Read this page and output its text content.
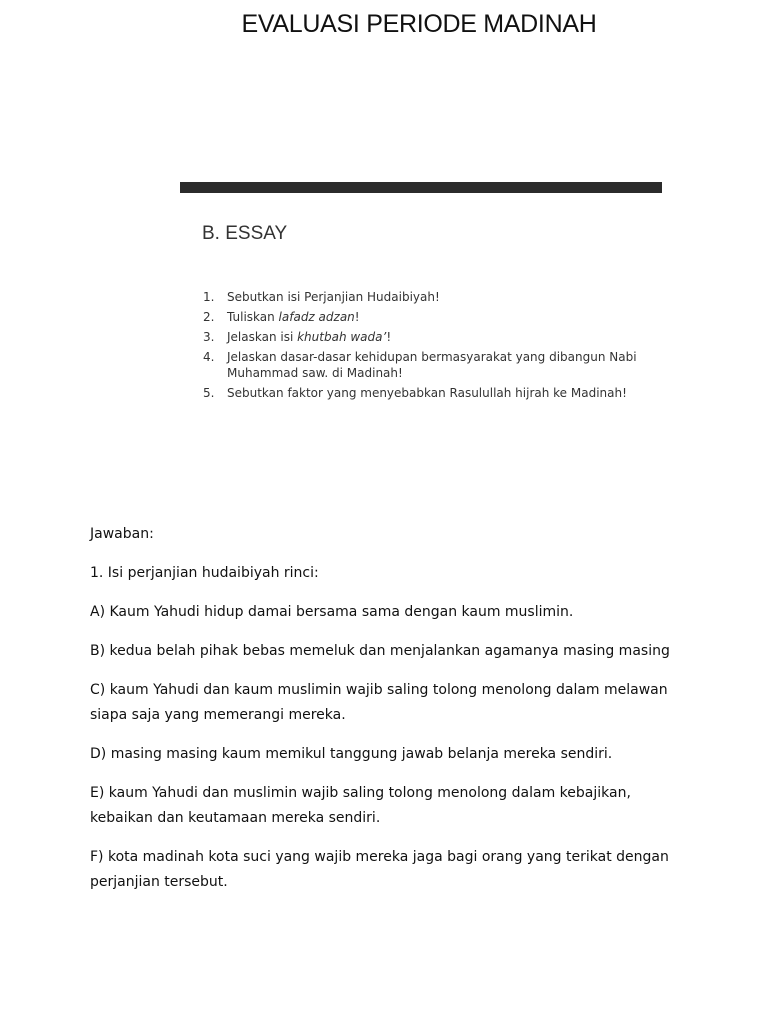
EVALUASI PERIODE MADINAH
B. ESSAY
1. Sebutkan isi Perjanjian Hudaibiyah!
2. Tuliskan lafadz adzan!
3. Jelaskan isi khutbah wada’!
4. Jelaskan dasar-dasar kehidupan bermasyarakat yang dibangun Nabi Muhammad saw. di Madinah!
5. Sebutkan faktor yang menyebabkan Rasulullah hijrah ke Madinah!

Jawaban:

1. Isi perjanjian hudaibiyah rinci:

A) Kaum Yahudi hidup damai bersama sama dengan kaum muslimin.

B) kedua belah pihak bebas memeluk dan menjalankan agamanya masing masing

C) kaum Yahudi dan kaum muslimin wajib saling tolong menolong dalam melawan siapa saja yang memerangi mereka.

D) masing masing kaum memikul tanggung jawab belanja mereka sendiri.

E) kaum Yahudi dan muslimin wajib saling tolong menolong dalam kebajikan, kebaikan dan keutamaan mereka sendiri.

F) kota madinah kota suci yang wajib mereka jaga bagi orang yang terikat dengan perjanjian tersebut.
